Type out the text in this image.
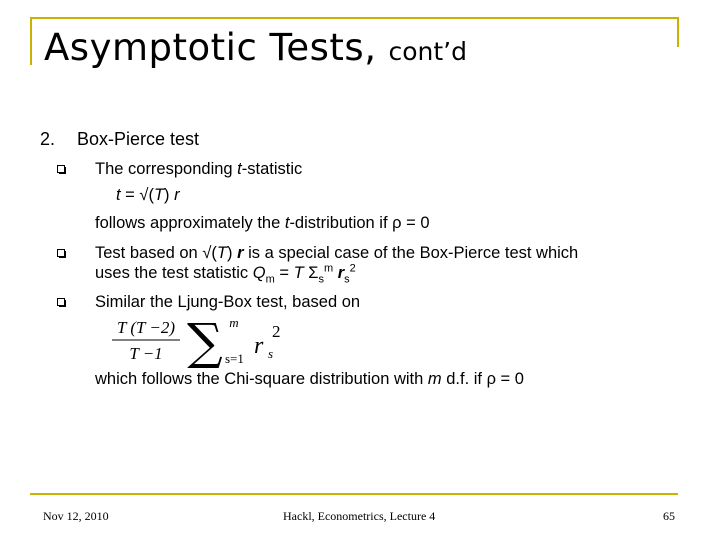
Asymptotic Tests, cont’d
2. Box-Pierce test
The corresponding t-statistic
t = √(T) r
follows approximately the t-distribution if ρ = 0
Test based on √(T) r is a special case of the Box-Pierce test which
uses the test statistic $Q_m = T$ $\Sigma_s^m$ $r_s^2$
Similar the Ljung-Box test, based on
T (T −2)
T −1
m
∑ s=1 r
2
s
which follows the Chi-square distribution with m d.f. if ρ = 0
Nov 12, 2010	Hackl, Econometrics, Lecture 4	65
